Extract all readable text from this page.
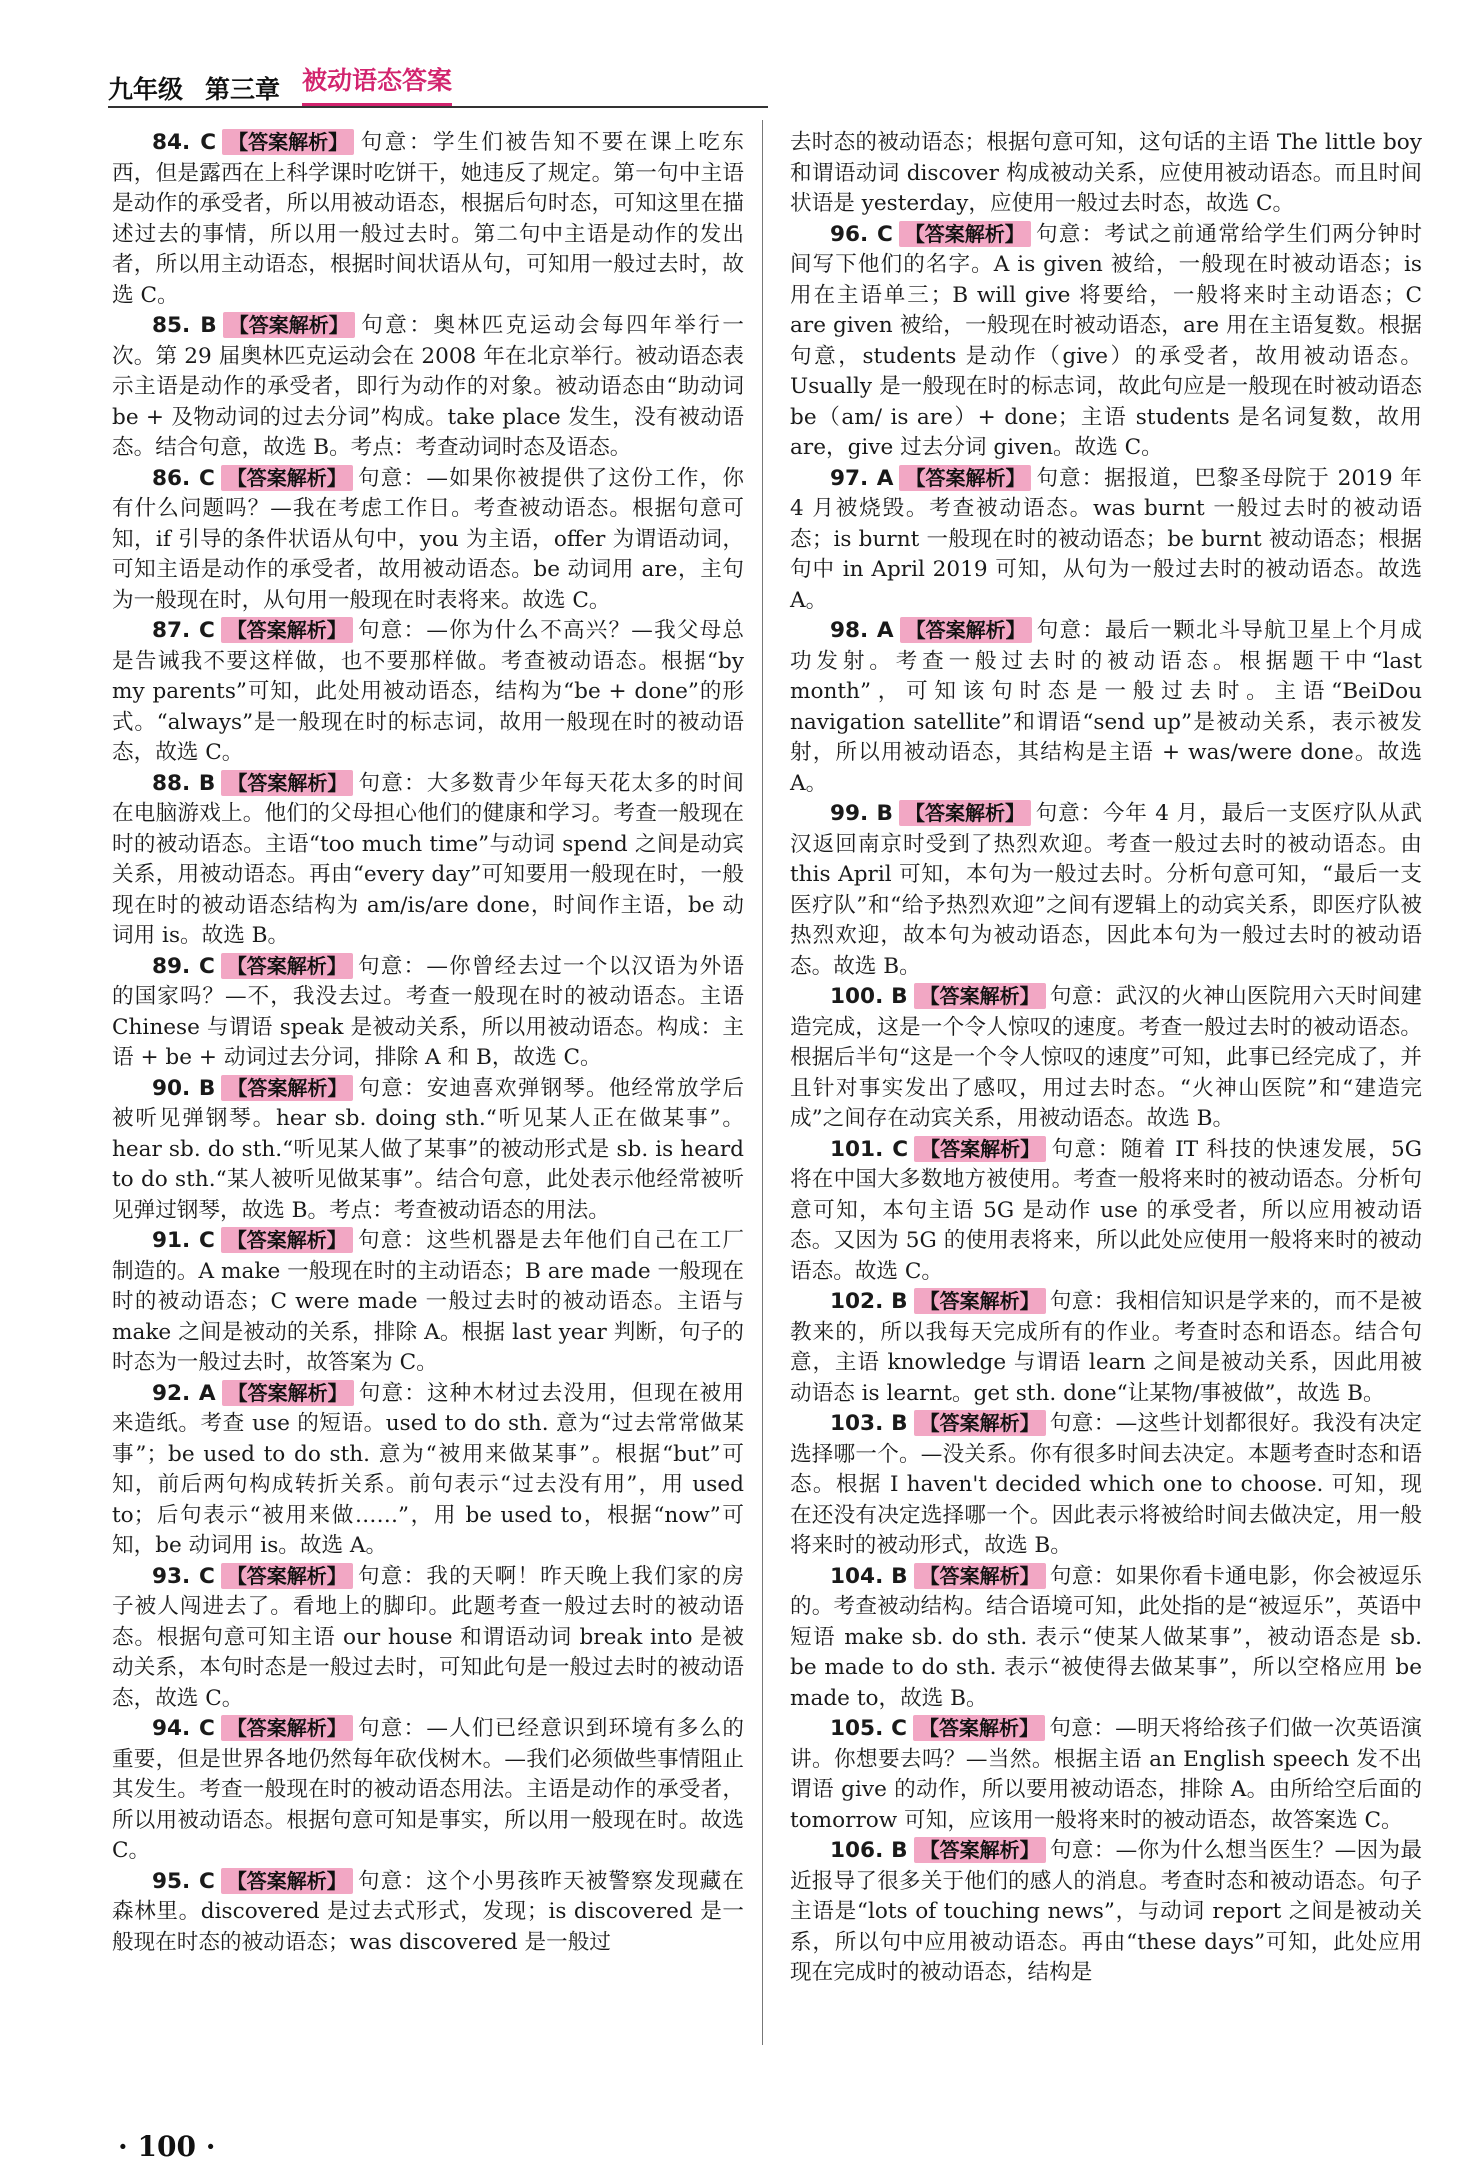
九年级 第三章 被动语态答案

84. C 【答案解析】 句意：学生们被告知不要在课上吃东西，但是露西在上科学课时吃饼干，她违反了规定。第一句中主语是动作的承受者，所以用被动语态，根据后句时态，可知这里在描述过去的事情，所以用一般过去时。第二句中主语是动作的发出者，所以用主动语态，根据时间状语从句，可知用一般过去时，故选 C。

85. B 【答案解析】 句意：奥林匹克运动会每四年举行一次。第 29 届奥林匹克运动会在 2008 年在北京举行。被动语态表示主语是动作的承受者，即行为动作的对象。被动语态由“助动词 be + 及物动词的过去分词”构成。take place 发生，没有被动语态。结合句意，故选 B。考点：考查动词时态及语态。

86. C 【答案解析】 句意：—如果你被提供了这份工作，你有什么问题吗？—我在考虑工作日。考查被动语态。根据句意可知，if 引导的条件状语从句中，you 为主语，offer 为谓语动词，可知主语是动作的承受者，故用被动语态。be 动词用 are，主句为一般现在时，从句用一般现在时表将来。故选 C。

87. C 【答案解析】 句意：—你为什么不高兴？—我父母总是告诫我不要这样做，也不要那样做。考查被动语态。根据“by my parents”可知，此处用被动语态，结构为“be + done”的形式。“always”是一般现在时的标志词，故用一般现在时的被动语态，故选 C。

88. B 【答案解析】 句意：大多数青少年每天花太多的时间在电脑游戏上。他们的父母担心他们的健康和学习。考查一般现在时的被动语态。主语“too much time”与动词 spend 之间是动宾关系，用被动语态。再由“every day”可知要用一般现在时，一般现在时的被动语态结构为 am/is/are done，时间作主语，be 动词用 is。故选 B。

89. C 【答案解析】 句意：—你曾经去过一个以汉语为外语的国家吗？—不，我没去过。考查一般现在时的被动语态。主语 Chinese 与谓语 speak 是被动关系，所以用被动语态。构成：主语 + be + 动词过去分词，排除 A 和 B，故选 C。

90. B 【答案解析】 句意：安迪喜欢弹钢琴。他经常放学后被听见弹钢琴。hear sb. doing sth.“听见某人正在做某事”。hear sb. do sth.“听见某人做了某事”的被动形式是 sb. is heard to do sth.“某人被听见做某事”。结合句意，此处表示他经常被听见弹过钢琴，故选 B。考点：考查被动语态的用法。

91. C 【答案解析】 句意：这些机器是去年他们自己在工厂制造的。A make 一般现在时的主动语态；B are made 一般现在时的被动语态；C were made 一般过去时的被动语态。主语与 make 之间是被动的关系，排除 A。根据 last year 判断，句子的时态为一般过去时，故答案为 C。

92. A 【答案解析】 句意：这种木材过去没用，但现在被用来造纸。考查 use 的短语。used to do sth. 意为“过去常常做某事”；be used to do sth. 意为“被用来做某事”。根据“but”可知，前后两句构成转折关系。前句表示“过去没有用”，用 used to；后句表示“被用来做……”，用 be used to，根据“now”可知，be 动词用 is。故选 A。

93. C 【答案解析】 句意：我的天啊！昨天晚上我们家的房子被人闯进去了。看地上的脚印。此题考查一般过去时的被动语态。根据句意可知主语 our house 和谓语动词 break into 是被动关系，本句时态是一般过去时，可知此句是一般过去时的被动语态，故选 C。

94. C 【答案解析】 句意：—人们已经意识到环境有多么的重要，但是世界各地仍然每年砍伐树木。—我们必须做些事情阻止其发生。考查一般现在时的被动语态用法。主语是动作的承受者，所以用被动语态。根据句意可知是事实，所以用一般现在时。故选 C。

95. C 【答案解析】 句意：这个小男孩昨天被警察发现藏在森林里。discovered 是过去式形式，发现；is discovered 是一般现在时态的被动语态；was discovered 是一般过

去时态的被动语态；根据句意可知，这句话的主语 The little boy 和谓语动词 discover 构成被动关系，应使用被动语态。而且时间状语是 yesterday，应使用一般过去时态，故选 C。

96. C 【答案解析】 句意：考试之前通常给学生们两分钟时间写下他们的名字。A is given 被给，一般现在时被动语态；is 用在主语单三；B will give 将要给，一般将来时主动语态；C are given 被给，一般现在时被动语态，are 用在主语复数。根据句意，students 是动作（give）的承受者，故用被动语态。Usually 是一般现在时的标志词，故此句应是一般现在时被动语态 be（am/ is are）+ done；主语 students 是名词复数，故用 are，give 过去分词 given。故选 C。

97. A 【答案解析】 句意：据报道，巴黎圣母院于 2019 年 4 月被烧毁。考查被动语态。was burnt 一般过去时的被动语态；is burnt 一般现在时的被动语态；be burnt 被动语态；根据句中 in April 2019 可知，从句为一般过去时的被动语态。故选 A。

98. A 【答案解析】 句意：最后一颗北斗导航卫星上个月成功发射。考查一般过去时的被动语态。根据题干中“last month”，可知该句时态是一般过去时。主语“BeiDou navigation satellite”和谓语“send up”是被动关系，表示被发射，所以用被动语态，其结构是主语 + was/were done。故选 A。

99. B 【答案解析】 句意：今年 4 月，最后一支医疗队从武汉返回南京时受到了热烈欢迎。考查一般过去时的被动语态。由 this April 可知，本句为一般过去时。分析句意可知，“最后一支医疗队”和“给予热烈欢迎”之间有逻辑上的动宾关系，即医疗队被热烈欢迎，故本句为被动语态，因此本句为一般过去时的被动语态。故选 B。

100. B 【答案解析】 句意：武汉的火神山医院用六天时间建造完成，这是一个令人惊叹的速度。考查一般过去时的被动语态。根据后半句“这是一个令人惊叹的速度”可知，此事已经完成了，并且针对事实发出了感叹，用过去时态。“火神山医院”和“建造完成”之间存在动宾关系，用被动语态。故选 B。

101. C 【答案解析】 句意：随着 IT 科技的快速发展，5G 将在中国大多数地方被使用。考查一般将来时的被动语态。分析句意可知，本句主语 5G 是动作 use 的承受者，所以应用被动语态。又因为 5G 的使用表将来，所以此处应使用一般将来时的被动语态。故选 C。

102. B 【答案解析】 句意：我相信知识是学来的，而不是被教来的，所以我每天完成所有的作业。考查时态和语态。结合句意，主语 knowledge 与谓语 learn 之间是被动关系，因此用被动语态 is learnt。get sth. done“让某物/事被做”，故选 B。

103. B 【答案解析】 句意：—这些计划都很好。我没有决定选择哪一个。—没关系。你有很多时间去决定。本题考查时态和语态。根据 I haven't decided which one to choose. 可知，现在还没有决定选择哪一个。因此表示将被给时间去做决定，用一般将来时的被动形式，故选 B。

104. B 【答案解析】 句意：如果你看卡通电影，你会被逗乐的。考查被动结构。结合语境可知，此处指的是“被逗乐”，英语中短语 make sb. do sth. 表示“使某人做某事”，被动语态是 sb. be made to do sth. 表示“被使得去做某事”，所以空格应用 be made to，故选 B。

105. C 【答案解析】 句意：—明天将给孩子们做一次英语演讲。你想要去吗？—当然。根据主语 an English speech 发不出谓语 give 的动作，所以要用被动语态，排除 A。由所给空后面的 tomorrow 可知，应该用一般将来时的被动语态，故答案选 C。

106. B 【答案解析】 句意：—你为什么想当医生？—因为最近报导了很多关于他们的感人的消息。考查时态和被动语态。句子主语是“lots of touching news”，与动词 report 之间是被动关系，所以句中应用被动语态。再由“these days”可知，此处应用现在完成时的被动语态，结构是

· 100 ·
